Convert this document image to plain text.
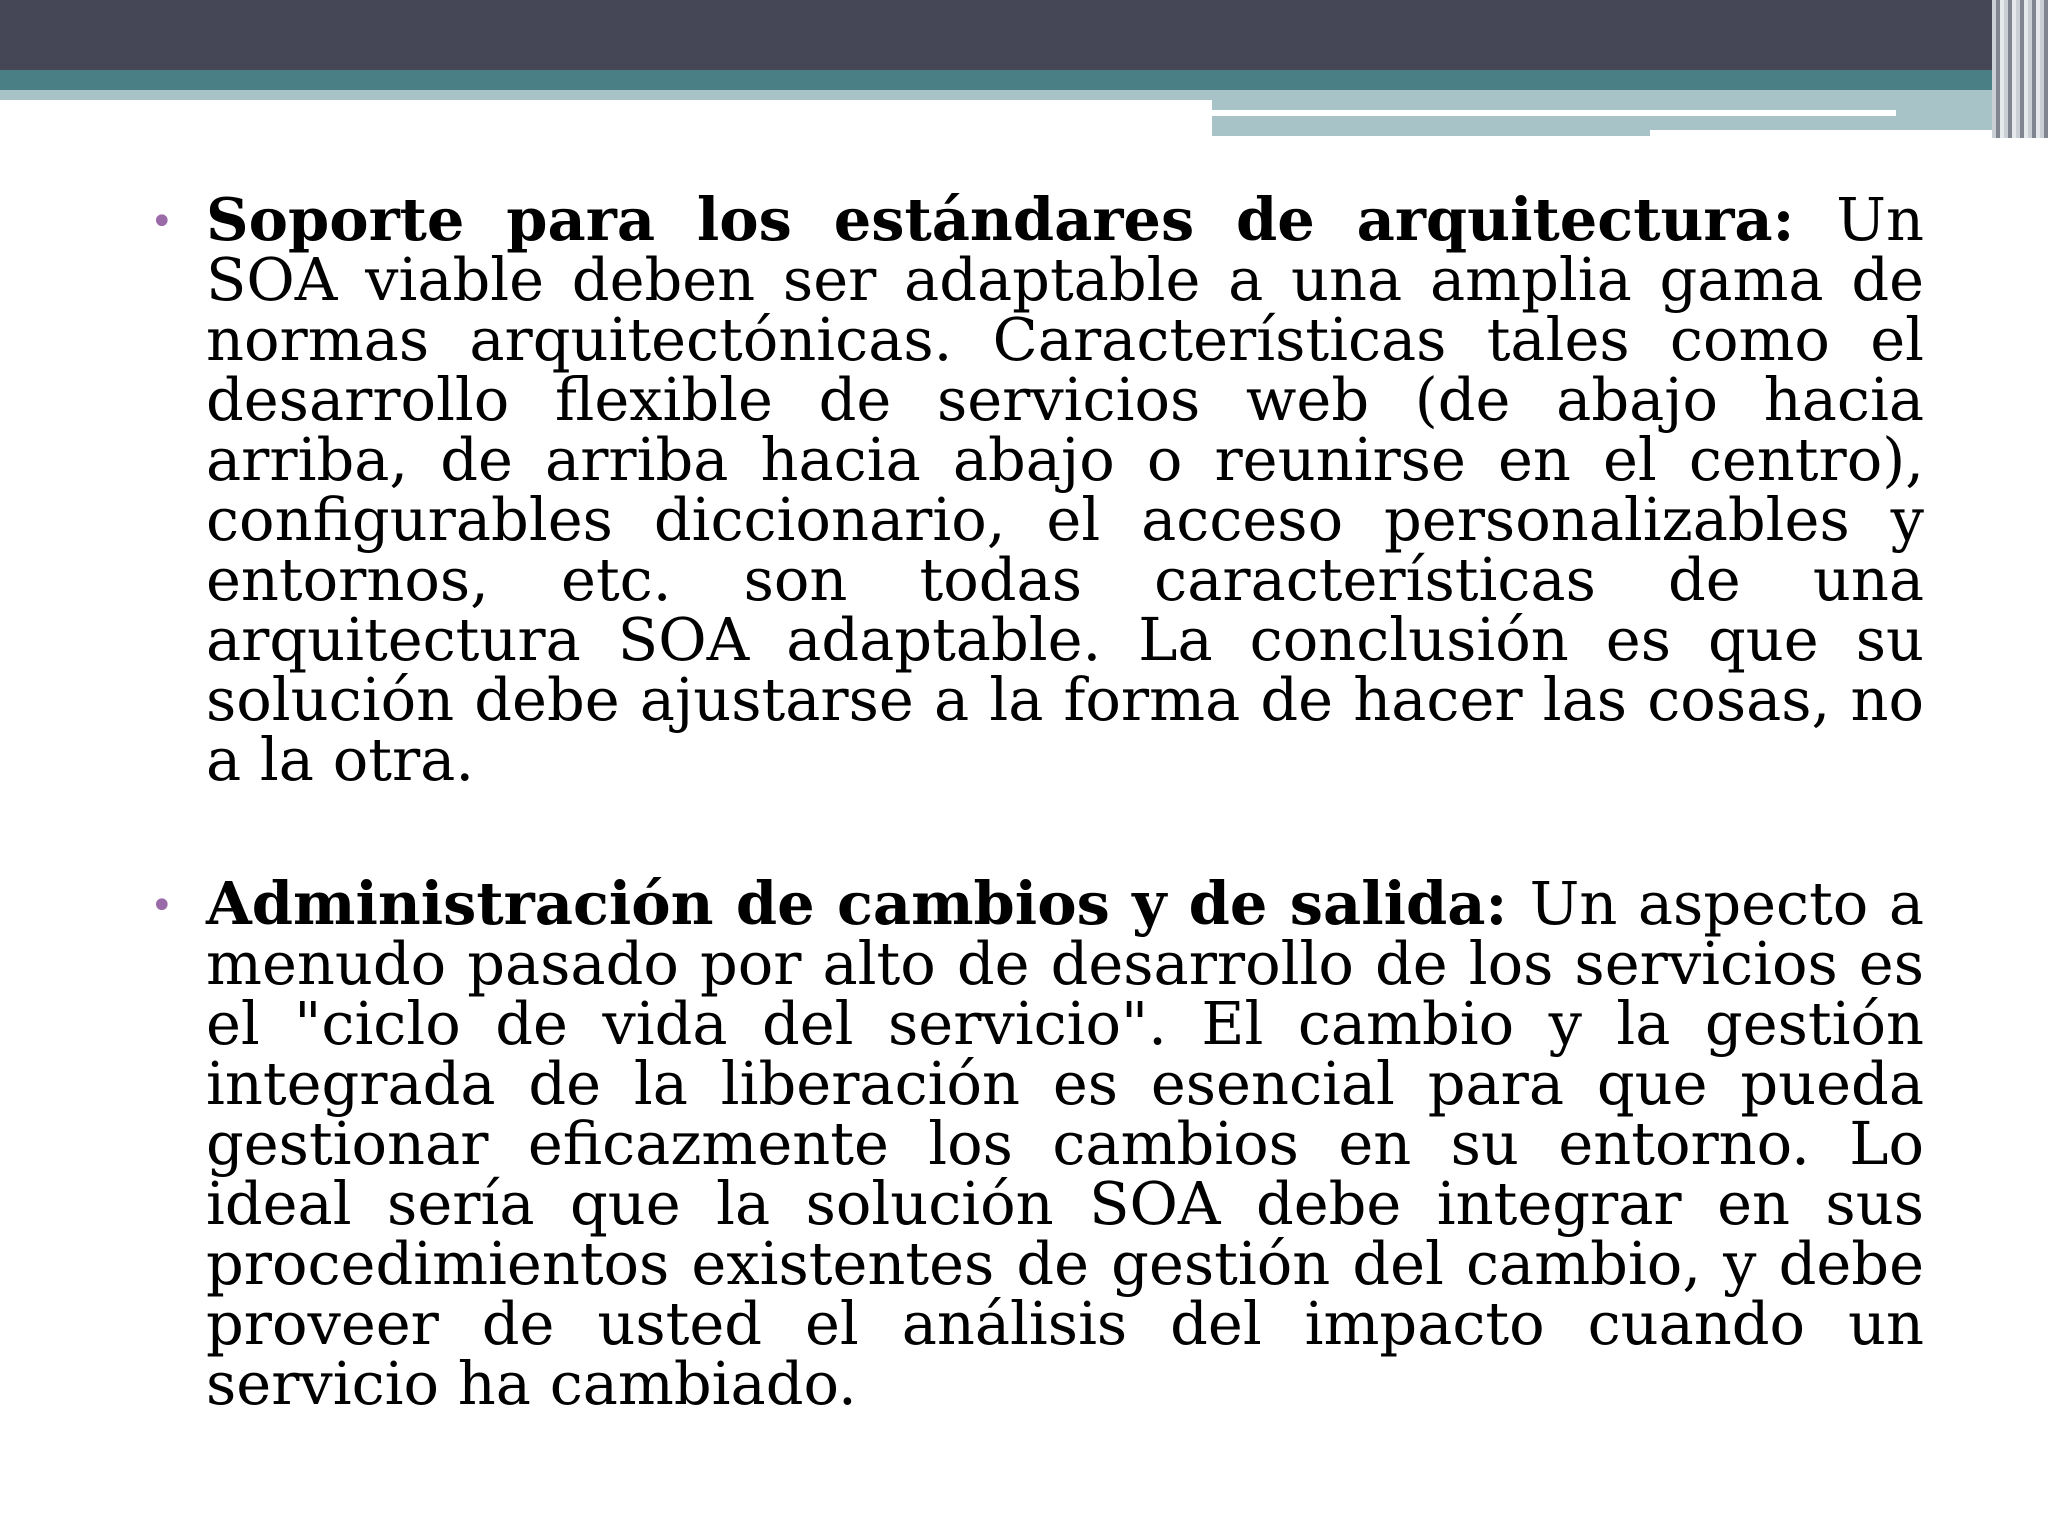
• Soporte para los estándares de arquitectura: Un SOA viable deben ser adaptable a una amplia gama de normas arquitectónicas. Características tales como el desarrollo flexible de servicios web (de abajo hacia arriba, de arriba hacia abajo o reunirse en el centro), configurables diccionario, el acceso personalizables y entornos, etc. son todas características de una arquitectura SOA adaptable. La conclusión es que su solución debe ajustarse a la forma de hacer las cosas, no a la otra.

• Administración de cambios y de salida: Un aspecto a menudo pasado por alto de desarrollo de los servicios es el "ciclo de vida del servicio". El cambio y la gestión integrada de la liberación es esencial para que pueda gestionar eficazmente los cambios en su entorno. Lo ideal sería que la solución SOA debe integrar en sus procedimientos existentes de gestión del cambio, y debe proveer de usted el análisis del impacto cuando un servicio ha cambiado.
